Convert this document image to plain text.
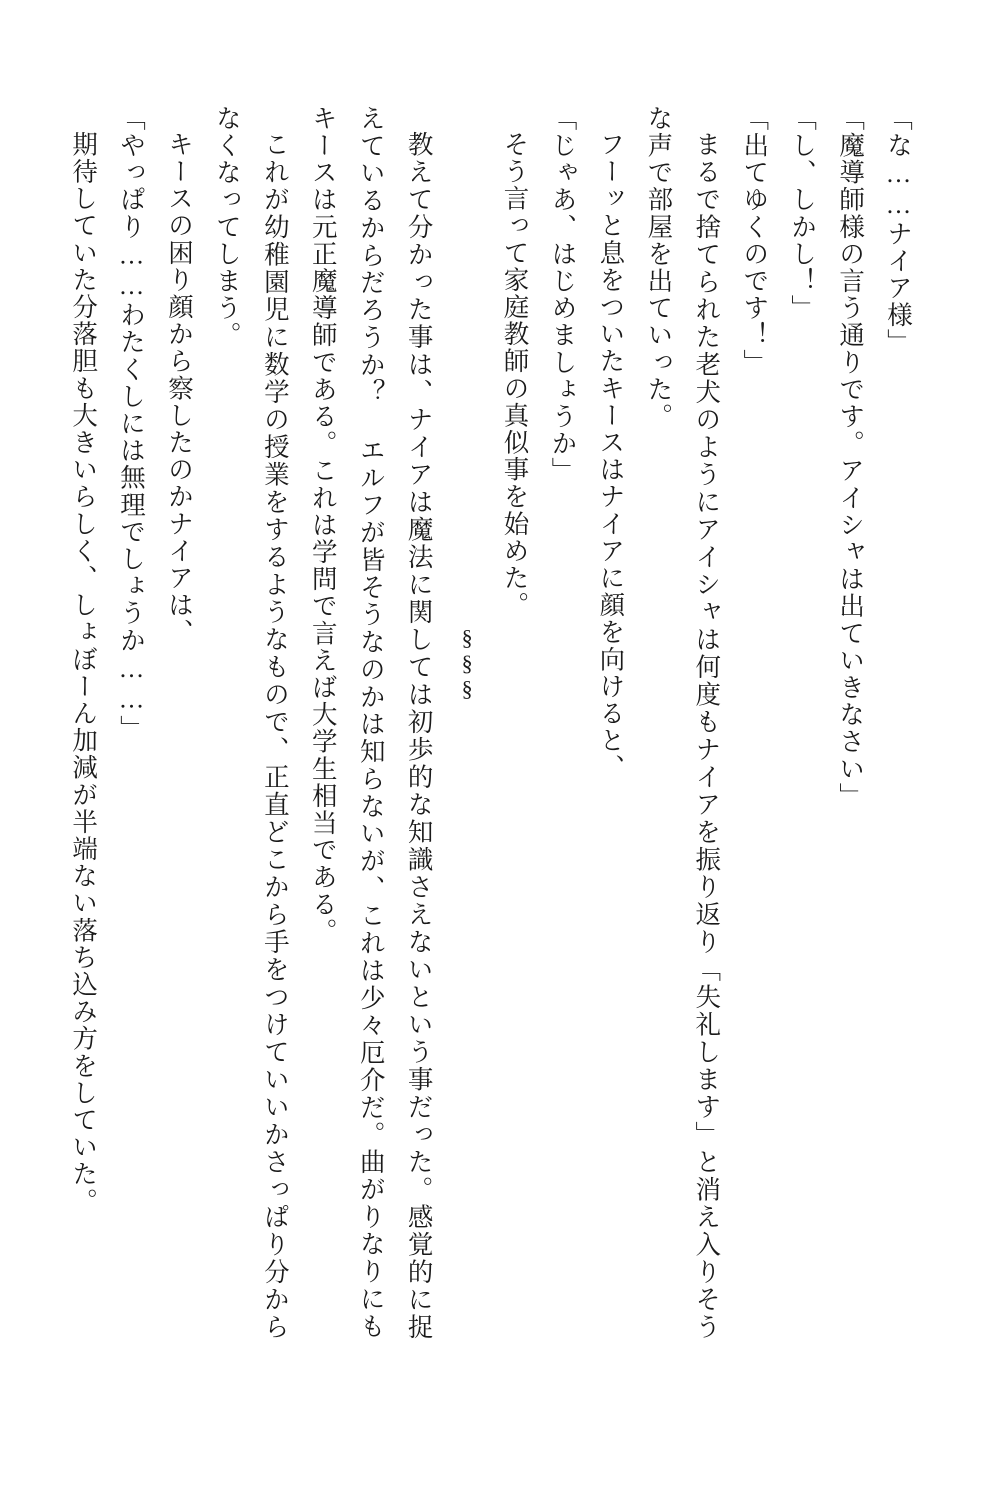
「な……ナイア様」

「魔導師様の言う通りです。アイシャは出ていきなさい」

「し、しかし！」

「出てゆくのです！」

まるで捨てられた老犬のようにアイシャは何度もナイアを振り返り「失礼します」と消え入りそうな声で部屋を出ていった。

フーッと息をついたキースはナイアに顔を向けると、

「じゃあ、はじめましょうか」

そう言って家庭教師の真似事を始めた。

§§§

教えて分かった事は、ナイアは魔法に関しては初歩的な知識さえないという事だった。感覚的に捉えているからだろうか？ エルフが皆そうなのかは知らないが、これは少々厄介だ。曲がりなりにもキースは元正魔導師である。これは学問で言えば大学生相当である。

これが幼稚園児に数学の授業をするようなもので、正直どこから手をつけていいかさっぱり分からなくなってしまう。

キースの困り顔から察したのかナイアは、

「やっぱり……わたくしには無理でしょうか……」

期待していた分落胆も大きいらしく、しょぼーん加減が半端ない落ち込み方をしていた。
